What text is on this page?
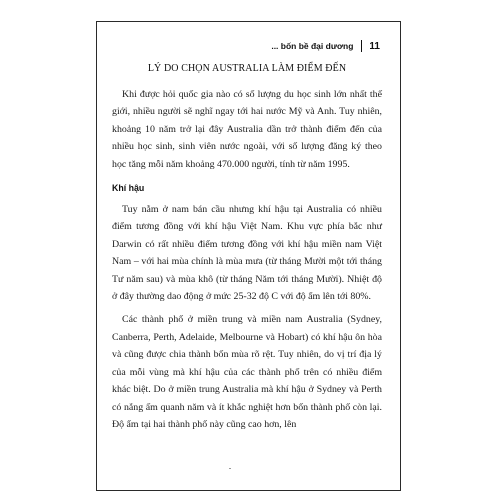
... bốn bề đại dương 11
LÝ DO CHỌN AUSTRALIA LÀM ĐIỂM ĐẾN

Khi được hỏi quốc gia nào có số lượng du học sinh lớn nhất thế giới, nhiều người sẽ nghĩ ngay tới hai nước Mỹ và Anh. Tuy nhiên, khoảng 10 năm trở lại đây Australia dần trở thành điểm đến của nhiều học sinh, sinh viên nước ngoài, với số lượng đăng ký theo học tăng mỗi năm khoảng 470.000 người, tính từ năm 1995.

Khí hậu

Tuy nằm ở nam bán cầu nhưng khí hậu tại Australia có nhiều điểm tương đồng với khí hậu Việt Nam. Khu vực phía bắc như Darwin có rất nhiều điểm tương đồng với khí hậu miền nam Việt Nam – với hai mùa chính là mùa mưa (từ tháng Mười một tới tháng Tư năm sau) và mùa khô (từ tháng Năm tới tháng Mười). Nhiệt độ ở đây thường dao động ở mức 25-32 độ C với độ ẩm lên tới 80%.

Các thành phố ở miền trung và miền nam Australia (Sydney, Canberra, Perth, Adelaide, Melbourne và Hobart) có khí hậu ôn hòa và cũng được chia thành bốn mùa rõ rệt. Tuy nhiên, do vị trí địa lý của mỗi vùng mà khí hậu của các thành phố trên có nhiều điểm khác biệt. Do ở miền trung Australia mà khí hậu ở Sydney và Perth có nắng ấm quanh năm và ít khắc nghiệt hơn bốn thành phố còn lại. Độ ẩm tại hai thành phố này cũng cao hơn, lên
